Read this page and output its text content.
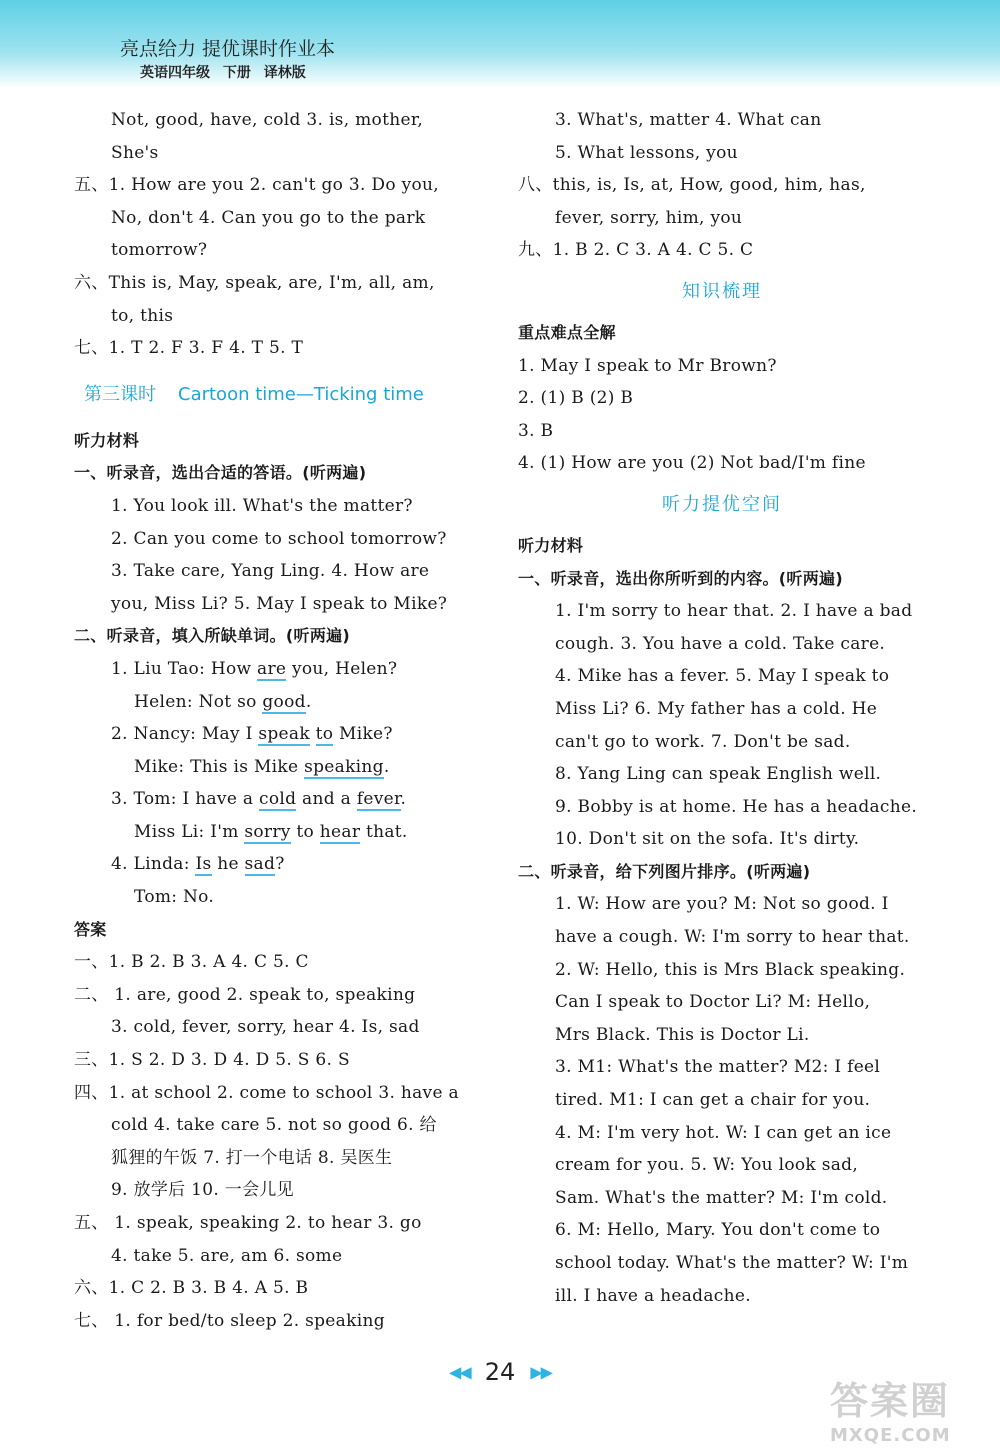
亮点给力 提优课时作业本
英语四年级 下册 译林版
Not, good, have, cold 3. is, mother,
She's
五、1. How are you 2. can't go 3. Do you,
No, don't 4. Can you go to the park
tomorrow?
六、This is, May, speak, are, I'm, all, am,
to, this
七、1. T 2. F 3. F 4. T 5. T
第三课时 Cartoon time—Ticking time
听力材料
一、听录音，选出合适的答语。(听两遍)
1. You look ill. What's the matter?
2. Can you come to school tomorrow?
3. Take care, Yang Ling. 4. How are
you, Miss Li? 5. May I speak to Mike?
二、听录音，填入所缺单词。(听两遍)
1. Liu Tao: How are you, Helen?
Helen: Not so good.
2. Nancy: May I speak to Mike?
Mike: This is Mike speaking.
3. Tom: I have a cold and a fever.
Miss Li: I'm sorry to hear that.
4. Linda: Is he sad?
Tom: No.
答案
一、1. B 2. B 3. A 4. C 5. C
二、 1. are, good 2. speak to, speaking
3. cold, fever, sorry, hear 4. Is, sad
三、1. S 2. D 3. D 4. D 5. S 6. S
四、1. at school 2. come to school 3. have a
cold 4. take care 5. not so good 6. 给
狐狸的午饭 7. 打一个电话 8. 吴医生
9. 放学后 10. 一会儿见
五、 1. speak, speaking 2. to hear 3. go
4. take 5. are, am 6. some
六、1. C 2. B 3. B 4. A 5. B
七、 1. for bed/to sleep 2. speaking
3. What's, matter 4. What can
5. What lessons, you
八、this, is, Is, at, How, good, him, has,
fever, sorry, him, you
九、1. B 2. C 3. A 4. C 5. C
知识梳理
重点难点全解
1. May I speak to Mr Brown?
2. (1) B (2) B
3. B
4. (1) How are you (2) Not bad/I'm fine
听力提优空间
听力材料
一、听录音，选出你所听到的内容。(听两遍)
1. I'm sorry to hear that. 2. I have a bad
cough. 3. You have a cold. Take care.
4. Mike has a fever. 5. May I speak to
Miss Li? 6. My father has a cold. He
can't go to work. 7. Don't be sad.
8. Yang Ling can speak English well.
9. Bobby is at home. He has a headache.
10. Don't sit on the sofa. It's dirty.
二、听录音，给下列图片排序。(听两遍)
1. W: How are you? M: Not so good. I
have a cough. W: I'm sorry to hear that.
2. W: Hello, this is Mrs Black speaking.
Can I speak to Doctor Li? M: Hello,
Mrs Black. This is Doctor Li.
3. M1: What's the matter? M2: I feel
tired. M1: I can get a chair for you.
4. M: I'm very hot. W: I can get an ice
cream for you. 5. W: You look sad,
Sam. What's the matter? M: I'm cold.
6. M: Hello, Mary. You don't come to
school today. What's the matter? W: I'm
ill. I have a headache.
◀◀ 24 ▶▶
答案圈
MXQE.COM
